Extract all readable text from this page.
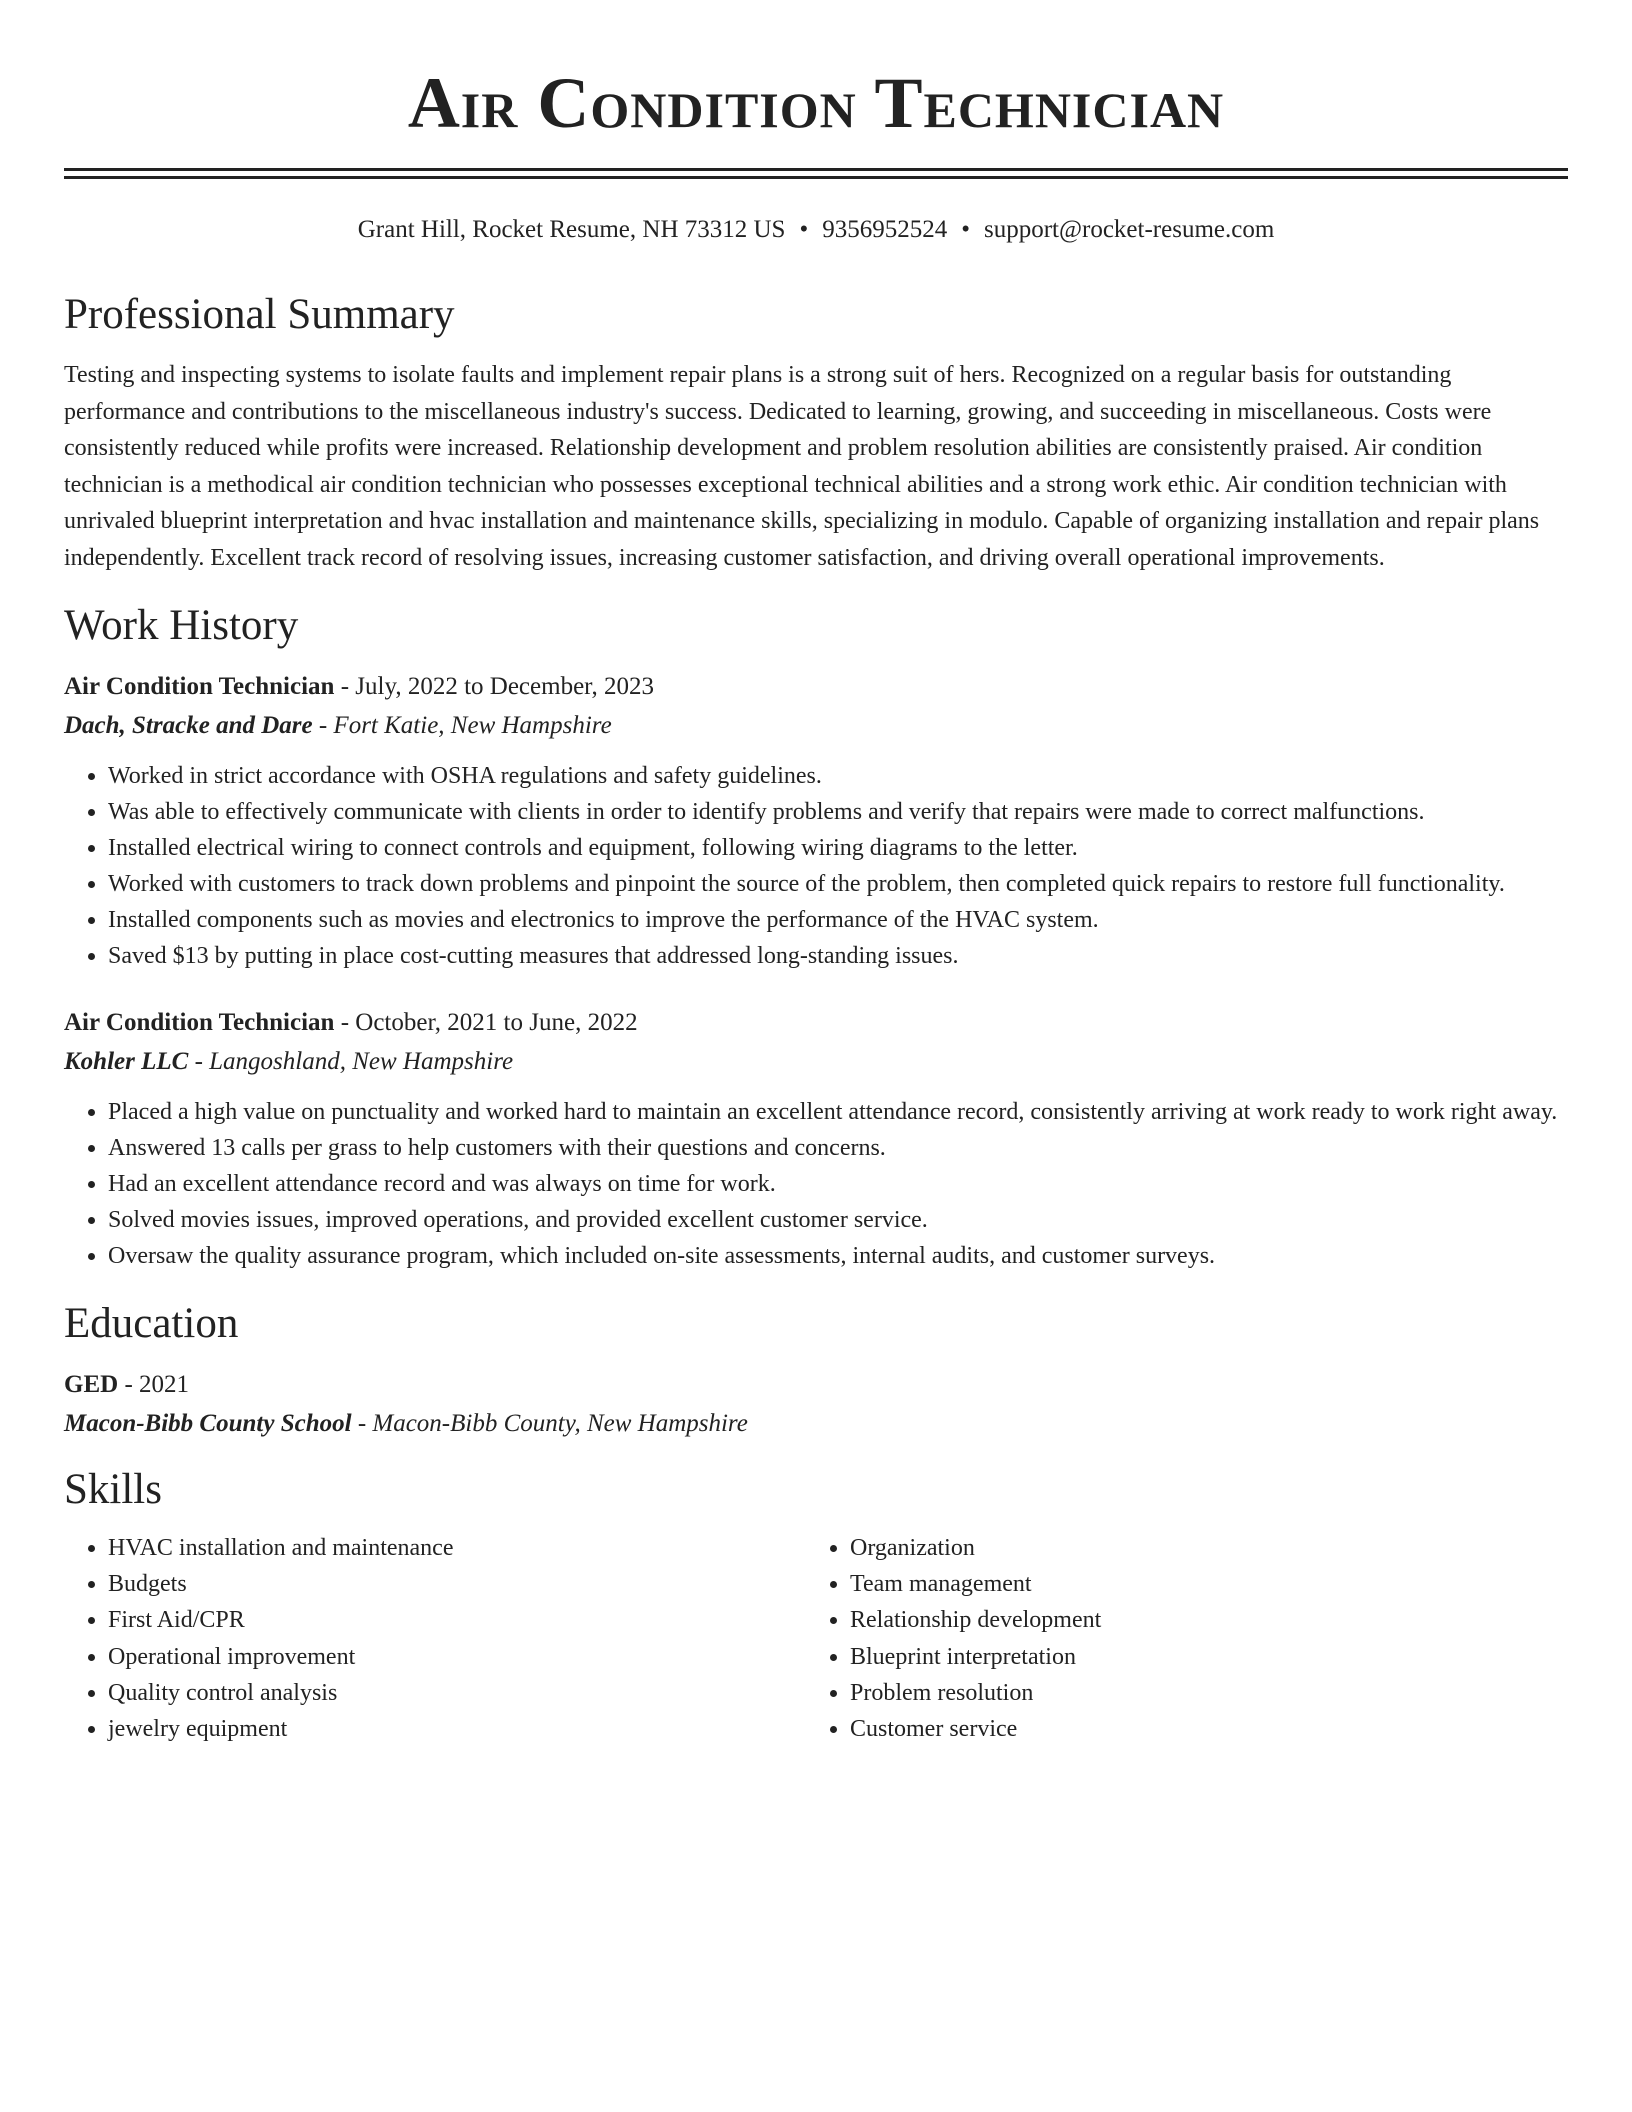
Air Condition Technician
Grant Hill, Rocket Resume, NH 73312 US • 9356952524 • support@rocket-resume.com
Professional Summary
Testing and inspecting systems to isolate faults and implement repair plans is a strong suit of hers. Recognized on a regular basis for outstanding performance and contributions to the miscellaneous industry's success. Dedicated to learning, growing, and succeeding in miscellaneous. Costs were consistently reduced while profits were increased. Relationship development and problem resolution abilities are consistently praised. Air condition technician is a methodical air condition technician who possesses exceptional technical abilities and a strong work ethic. Air condition technician with unrivaled blueprint interpretation and hvac installation and maintenance skills, specializing in modulo. Capable of organizing installation and repair plans independently. Excellent track record of resolving issues, increasing customer satisfaction, and driving overall operational improvements.
Work History
Air Condition Technician - July, 2022 to December, 2023
Dach, Stracke and Dare - Fort Katie, New Hampshire
• Worked in strict accordance with OSHA regulations and safety guidelines.
• Was able to effectively communicate with clients in order to identify problems and verify that repairs were made to correct malfunctions.
• Installed electrical wiring to connect controls and equipment, following wiring diagrams to the letter.
• Worked with customers to track down problems and pinpoint the source of the problem, then completed quick repairs to restore full functionality.
• Installed components such as movies and electronics to improve the performance of the HVAC system.
• Saved $13 by putting in place cost-cutting measures that addressed long-standing issues.
Air Condition Technician - October, 2021 to June, 2022
Kohler LLC - Langoshland, New Hampshire
• Placed a high value on punctuality and worked hard to maintain an excellent attendance record, consistently arriving at work ready to work right away.
• Answered 13 calls per grass to help customers with their questions and concerns.
• Had an excellent attendance record and was always on time for work.
• Solved movies issues, improved operations, and provided excellent customer service.
• Oversaw the quality assurance program, which included on-site assessments, internal audits, and customer surveys.
Education
GED - 2021
Macon-Bibb County School - Macon-Bibb County, New Hampshire
Skills
• HVAC installation and maintenance
• Budgets
• First Aid/CPR
• Operational improvement
• Quality control analysis
• jewelry equipment
• Organization
• Team management
• Relationship development
• Blueprint interpretation
• Problem resolution
• Customer service
